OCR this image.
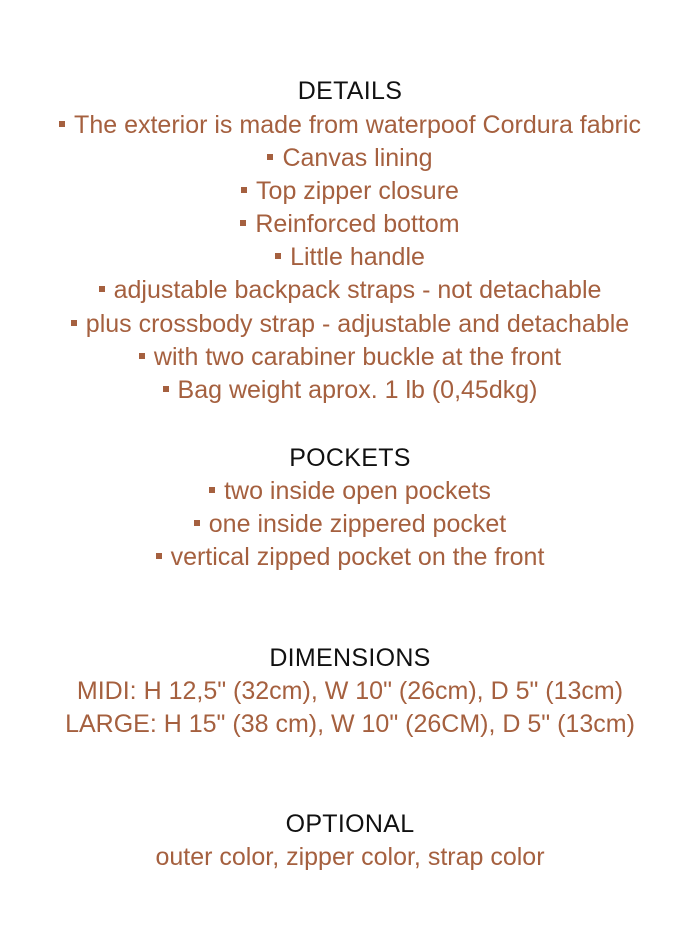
DETAILS
The exterior is made from waterpoof Cordura fabric
Canvas lining
Top zipper closure
Reinforced bottom
Little handle
adjustable backpack straps - not detachable
plus crossbody strap - adjustable and detachable
with two carabiner buckle at the front
Bag weight aprox. 1 lb (0,45dkg)
POCKETS
two inside open pockets
one inside zippered pocket
vertical zipped pocket on the front
DIMENSIONS
MIDI: H 12,5" (32cm), W 10" (26cm), D 5" (13cm)
LARGE: H 15" (38 cm), W 10" (26CM), D 5" (13cm)
OPTIONAL
outer color, zipper color, strap color
